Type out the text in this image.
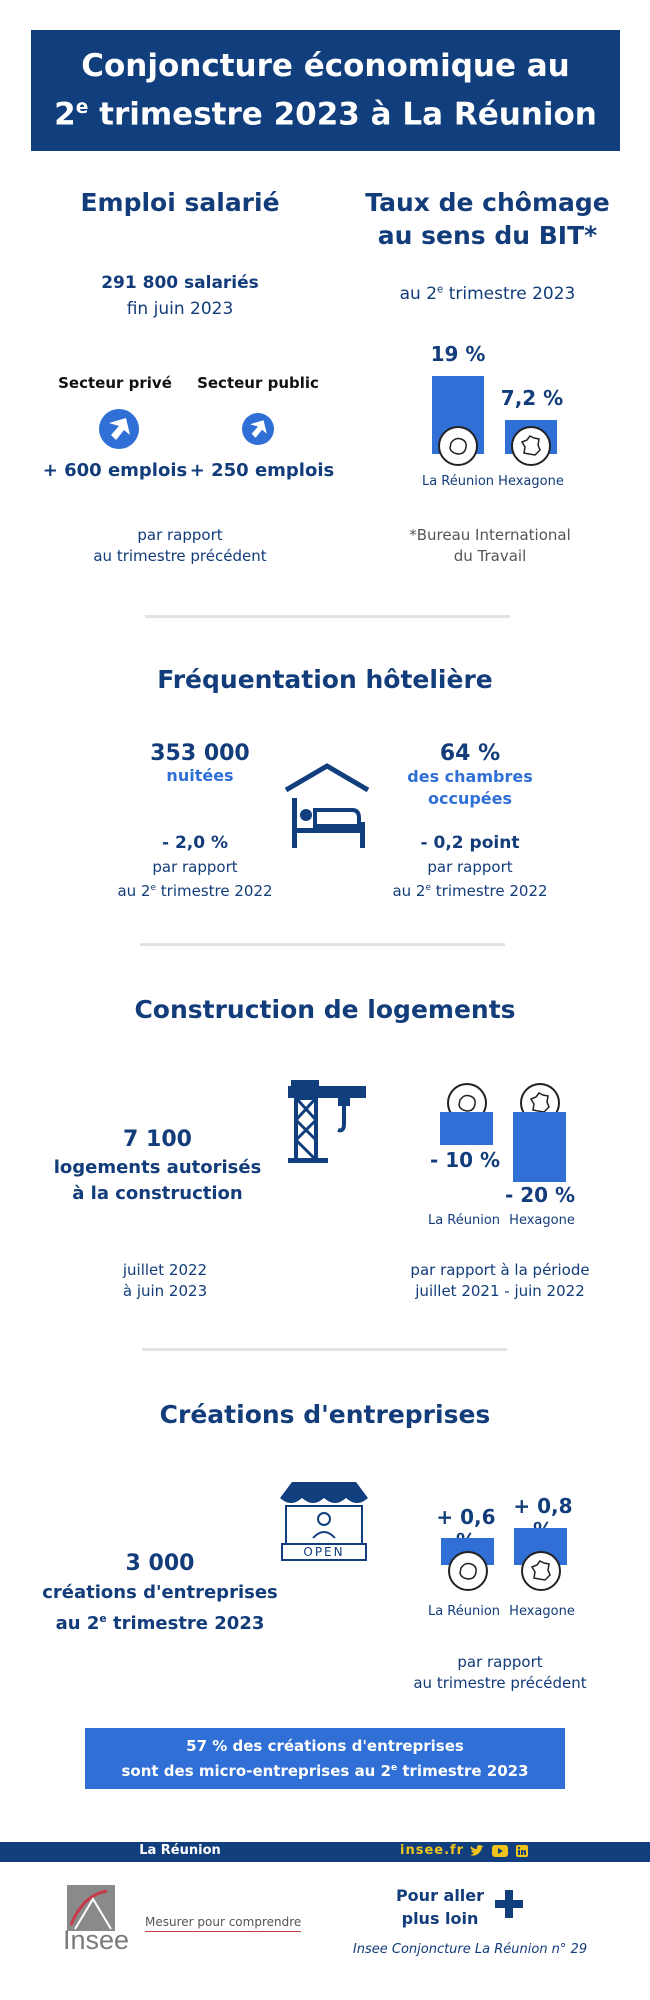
Conjoncture économique au
2e trimestre 2023 à La Réunion
Emploi salarié
291 800 salariés
fin juin 2023
Secteur privé	Secteur public
+ 600 emplois + 250 emplois
par rapport
au trimestre précédent
Taux de chômage
au sens du BIT*
au 2e trimestre 2023
19 %
7,2 %
La Réunion Hexagone
*Bureau International
du Travail
Fréquentation hôtelière
353 000
nuitées
64 %
des chambres
occupées
- 2,0 %
par rapport
au 2e trimestre 2022
- 0,2 point
par rapport
au 2e trimestre 2022
Construction de logements
7 100
logements autorisés
à la construction
- 10 %
- 20 %
La Réunion Hexagone
juillet 2022
à juin 2023
par rapport à la période
juillet 2021 - juin 2022
Créations d'entreprises
OPEN
3 000
créations d'entreprises
au 2e trimestre 2023
+ 0,6 + 0,8
La Réunion Hexagone
par rapport
au trimestre précédent
57 % des créations d'entreprises
sont des micro-entreprises au 2e trimestre 2023
La Réunion	insee.fr
Insee
Mesurer pour comprendre
Pour aller
plus loin
Insee Conjoncture La Réunion n° 29
